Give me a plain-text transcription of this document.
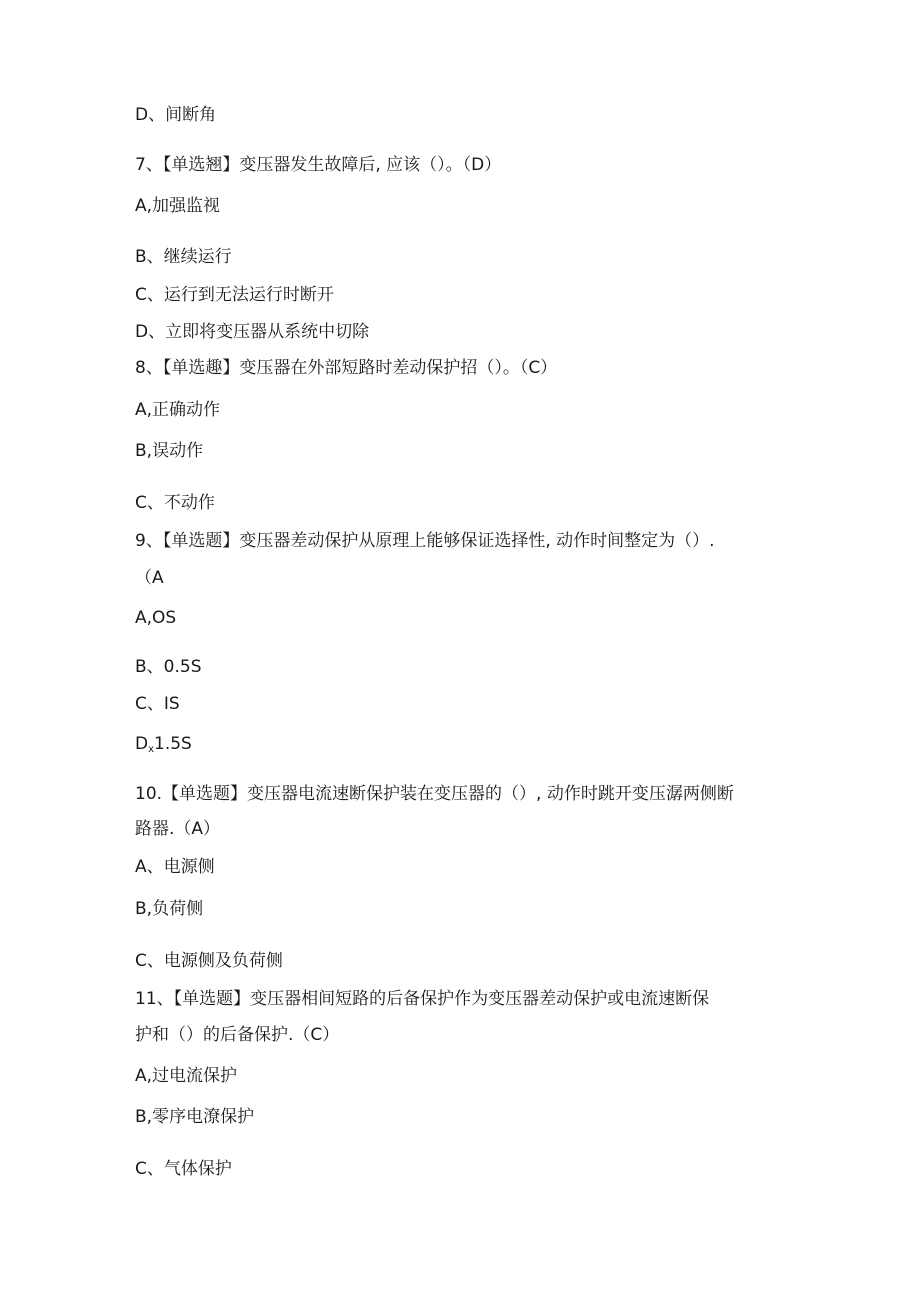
D、间断角
7、【单选翘】变压器发生故障后, 应该（）。（D）
A,加强监视
B、继续运行
C、运行到无法运行时断开
D、立即将变压器从系统中切除
8、【单选趣】变压器在外部短路时差动保护招（）。（C）
A,正确动作
B,误动作
C、不动作
9、【单选题】变压器差动保护从原理上能够保证选择性, 动作时间整定为（）.
（A
A,OS
B、0.5S
C、IS
$D_x1.5S$
10.【单选题】变压器电流速断保护装在变压器的（）, 动作时跳开变压潺两侧断
路器.（A）
A、电源侧
B,负荷侧
C、电源侧及负荷侧
11、【单选题】变压器相间短路的后备保护作为变压器差动保护或电流速断保
护和（）的后备保护.（C）
A,过电流保护
B,零序电潦保护
C、气体保护
